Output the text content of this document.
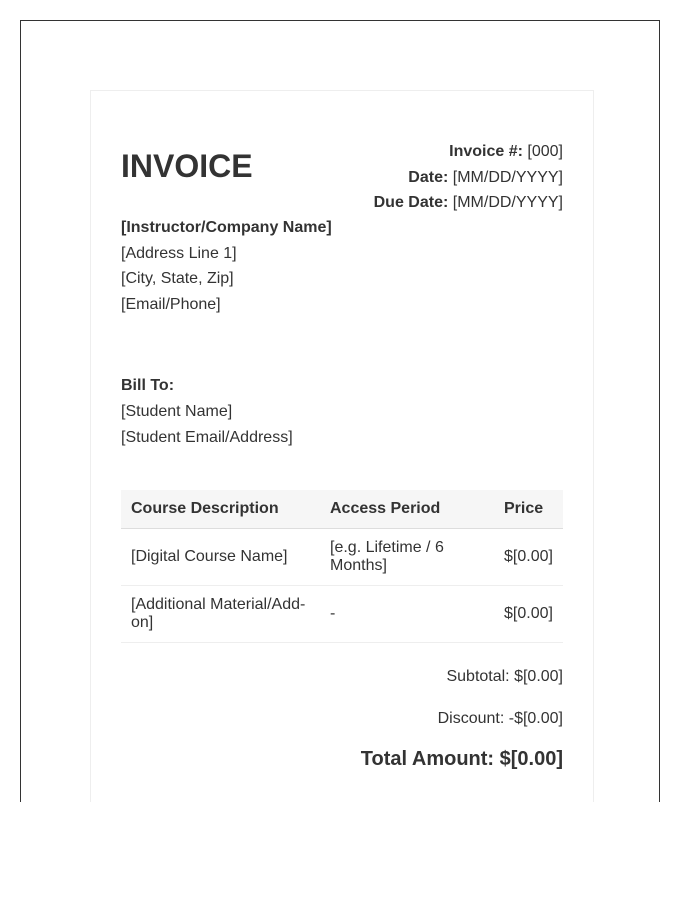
INVOICE	Invoice #: [000]
Date: [MM/DD/YYYY]
Due Date: [MM/DD/YYYY]
[Instructor/Company Name]
[Address Line 1]
[City, State, Zip]
[Email/Phone]
Bill To:
[Student Name]
[Student Email/Address]
Course Description	Access Period	Price
[Digital Course Name]	[e.g. Lifetime / 6 Months]	$[0.00]
[Additional Material/Add-on]	-	$[0.00]
Subtotal: $[0.00]
Discount: -$[0.00]
Total Amount: $[0.00]
